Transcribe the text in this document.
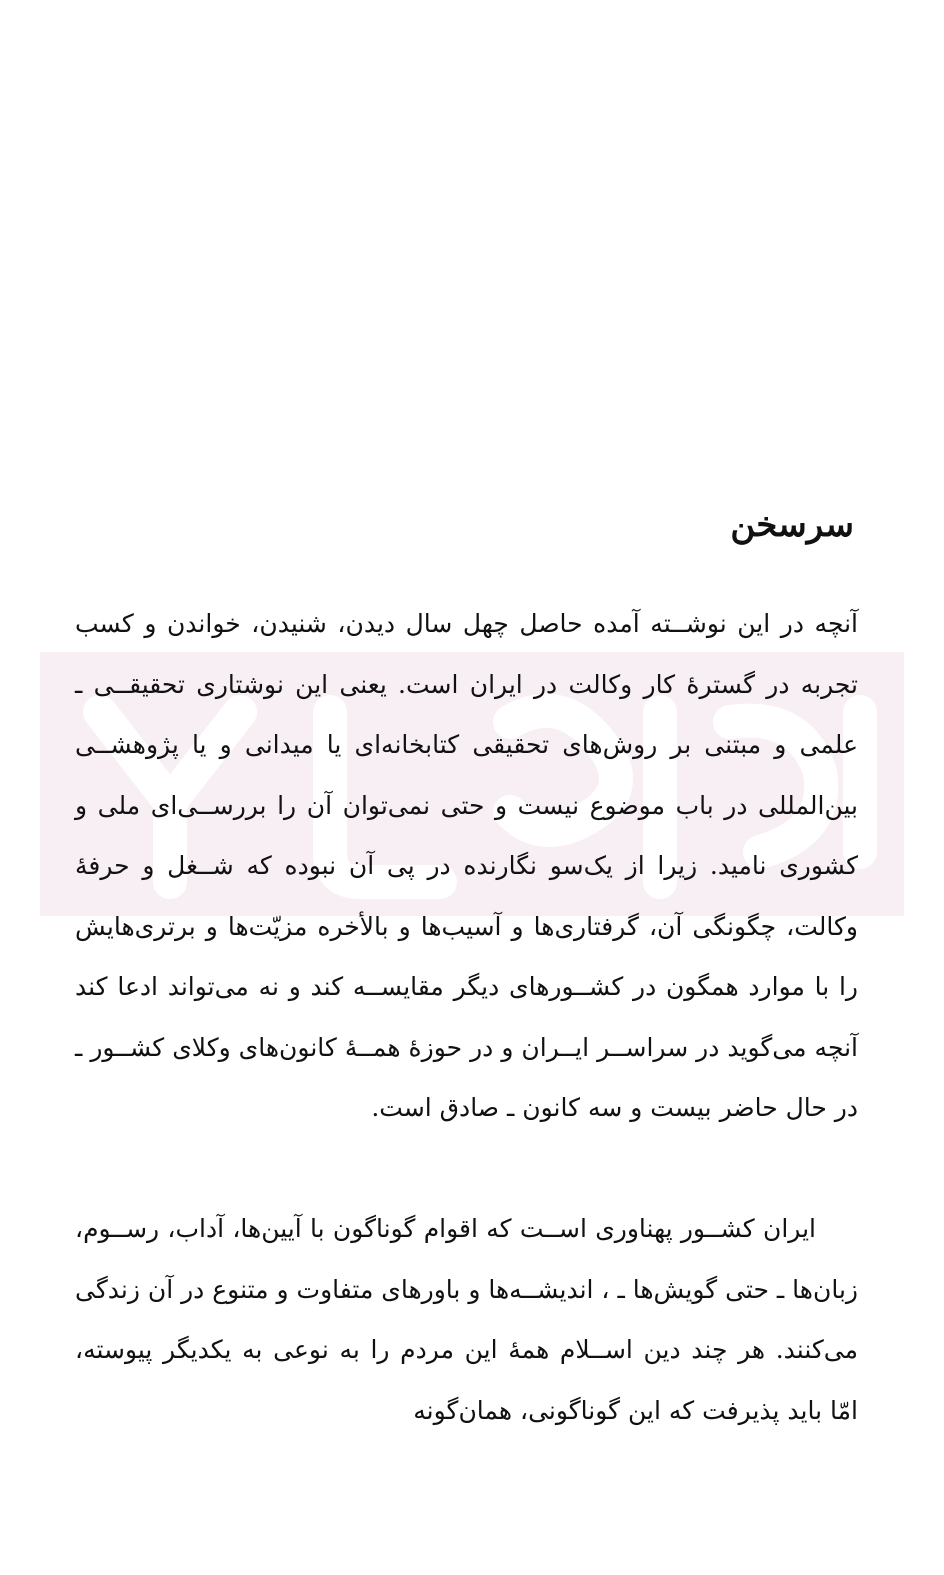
سرسخن

آنچه در این نوشــته آمده حاصل چهل سال دیدن، شنیدن، خواندن و کسب تجربه در گسترهٔ کار وکالت در ایران است. یعنی این نوشتاری تحقیقــی ـ علمی و مبتنی بر روش‌های تحقیقی کتابخانه‌ای یا میدانی و یا پژوهشــی بین‌المللی در باب موضوع نیست و حتی نمی‌توان آن را بررســی‌ای ملی و کشوری نامید. زیرا از یک‌سو نگارنده در پی آن نبوده که شــغل و حرفهٔ وکالت، چگونگی آن، گرفتاری‌ها و آسیب‌ها و بالأخره مزیّت‌ها و برتری‌هایش را با موارد همگون در کشــورهای دیگر مقایســه کند و نه می‌تواند ادعا کند آنچه می‌گوید در سراســر ایــران و در حوزهٔ همــهٔ کانون‌های وکلای کشــور ـ در حال حاضر بیست و سه کانون ـ صادق است.

ایران کشــور پهناوری اســت که اقوام گوناگون با آیین‌ها، آداب، رســوم، زبان‌ها ـ حتی گویش‌ها ـ ، اندیشــه‌ها و باورهای متفاوت و متنوع در آن زندگی می‌کنند. هر چند دین اســلام همهٔ این مردم را به نوعی به یکدیگر پیوسته، امّا باید پذیرفت که این گوناگونی، همان‌گونه
